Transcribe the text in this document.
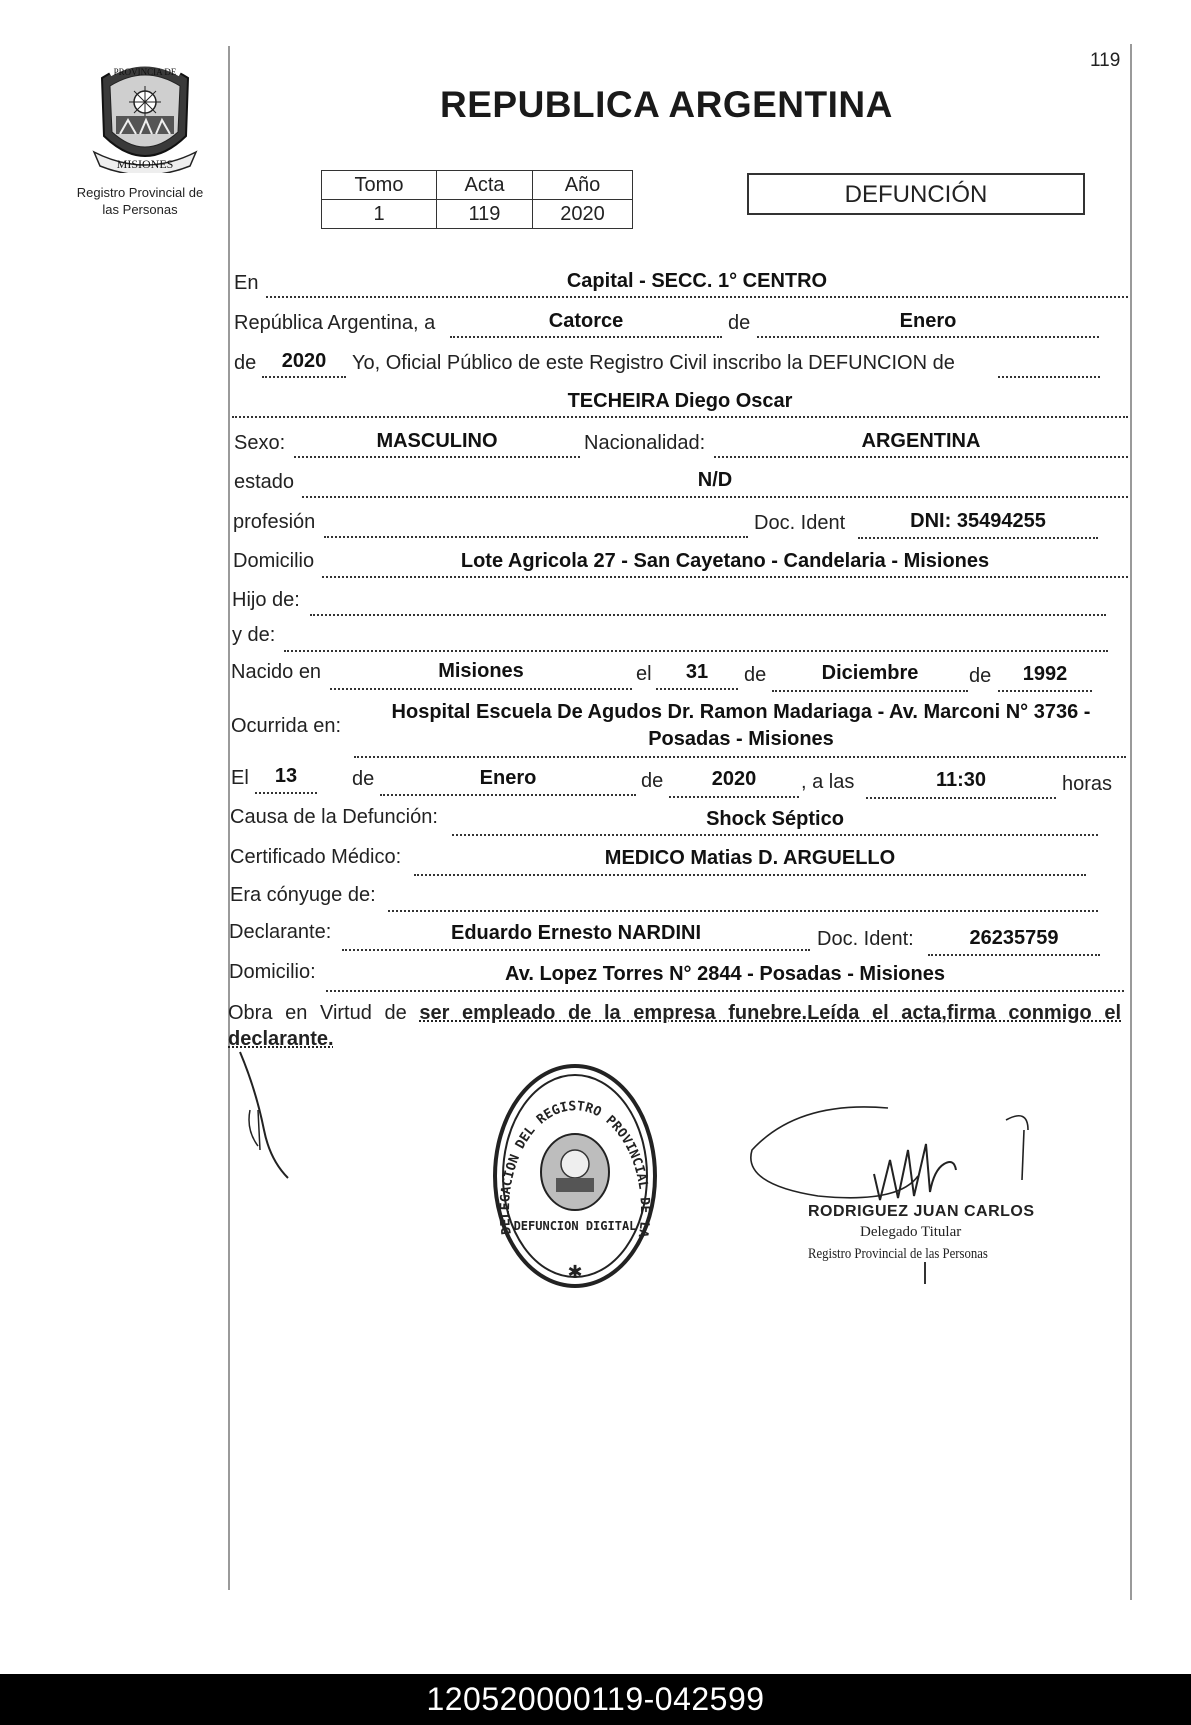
119
PROVINCIA DE
MISIONES
Registro Provincial de
las Personas
REPUBLICA ARGENTINA
Tomo	Acta	Año
1	119	2020
DEFUNCIÓN
En	Capital - SECC. 1° CENTRO
República Argentina, a	Catorce	de	Enero
de	2020	Yo, Oficial Público de este Registro Civil inscribo la DEFUNCION de
TECHEIRA Diego Oscar
Sexo:	MASCULINO	Nacionalidad:	ARGENTINA
estado	N/D
profesión	Doc. Ident	DNI: 35494255
Domicilio	Lote Agricola 27 - San Cayetano - Candelaria - Misiones
Hijo de:
y de:
Nacido en	Misiones	el	31	de	Diciembre	de	1992
Ocurrida en:
Hospital Escuela De Agudos Dr. Ramon Madariaga - Av. Marconi N° 3736 -
Posadas - Misiones
El	13	de	Enero	de	2020	, a las	11:30	horas
Causa de la Defunción:	Shock Séptico
Certificado Médico:	MEDICO Matias D. ARGUELLO
Era cónyuge de:
Declarante:	Eduardo Ernesto NARDINI	Doc. Ident:	26235759
Domicilio:	Av. Lopez Torres N° 2844 - Posadas - Misiones
Obra en Virtud de ser empleado de la empresa funebre.Leída el acta,firma conmigo el declarante.
DELEGACION DEL REGISTRO PROVINCIAL DE LA
DEFUNCION DIGITAL
✱
RODRIGUEZ JUAN CARLOS
Delegado Titular
Registro Provincial de las Personas
120520000119-042599
